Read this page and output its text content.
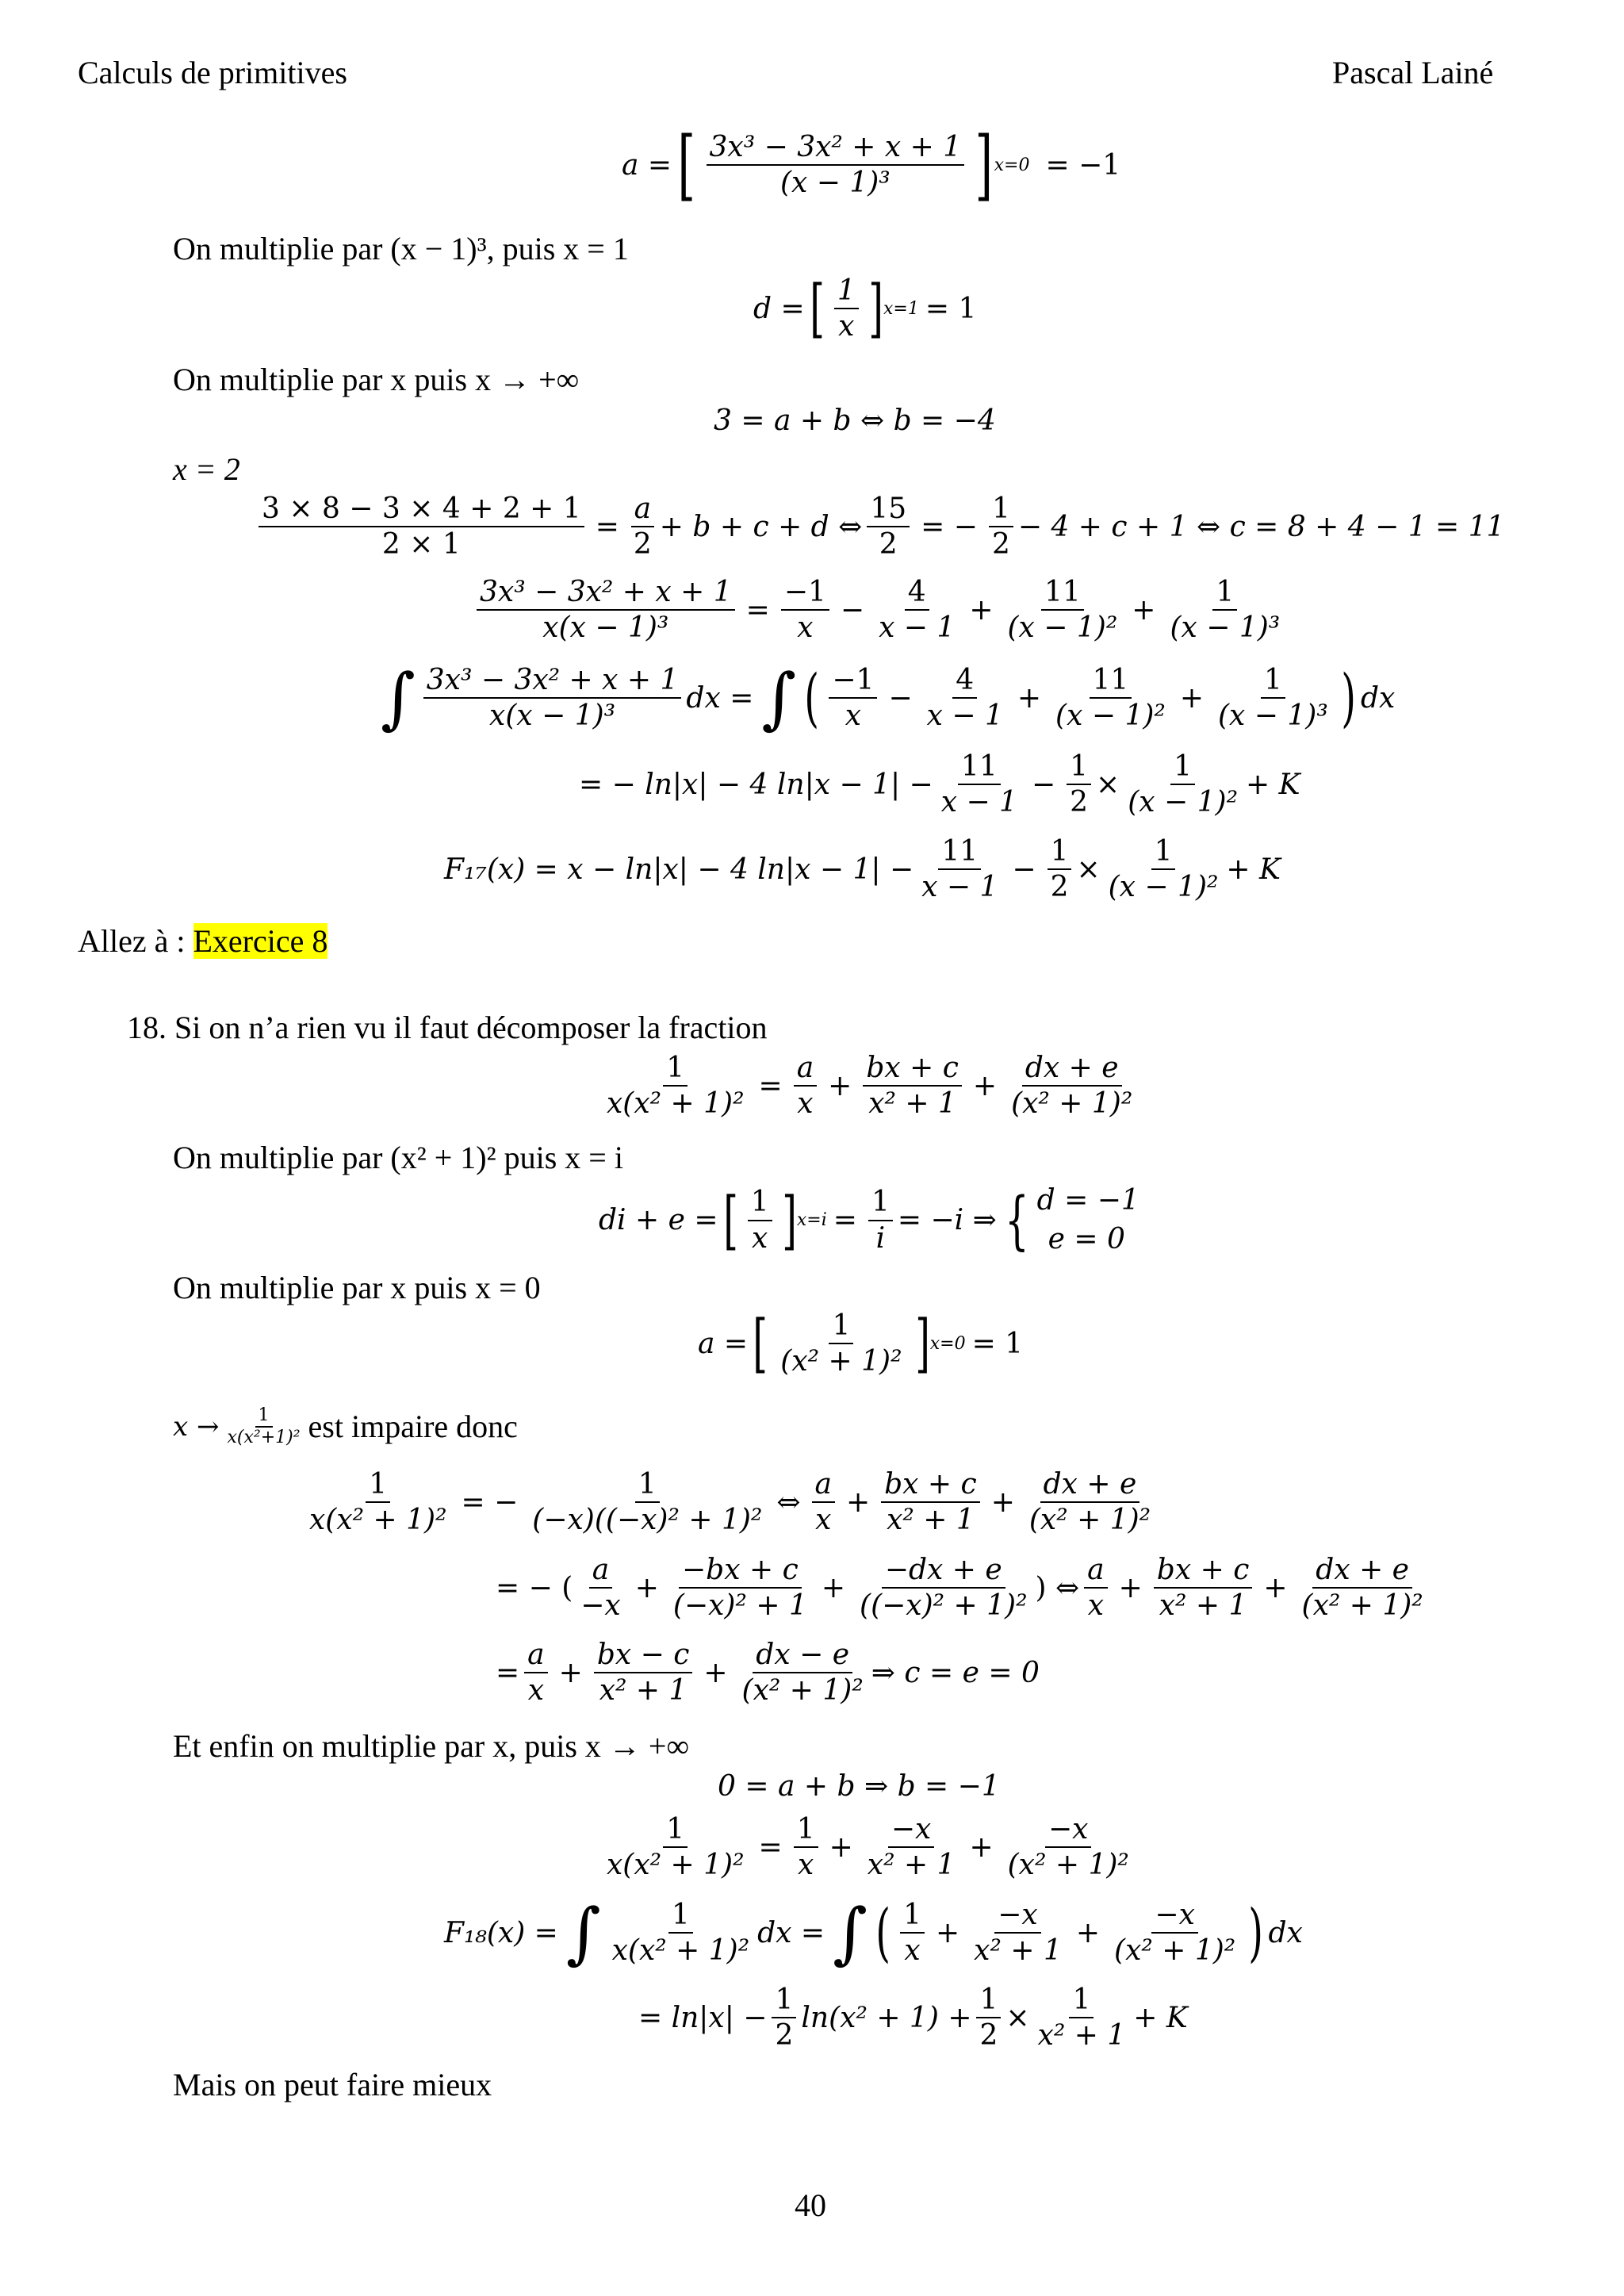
Calculs de primitives	Pascal Lainé
a = [ 3x³ − 3x² + x + 1
(x − 1)³ ] x=0 = −1
On multiplie par (x − 1)³, puis x = 1
d = [ 1
x ] x=1 = 1
On multiplie par x puis x → +∞
3 = a + b ⇔ b = −4
x = 2
$\frac{3 \times 8 - 3 \times 4 + 2 + 1}{2 \times 1} = \frac{a}{2} + b + c + d$ ⇔ $\frac{15}{2}$ = − $\frac{1}{2} - 4 + c + 1$ ⇔ c = 8 + 4 − 1 = 11
$\frac{\text{3x³ − 3x² + x + 1}}{\text{x(x − 1)³}} = \frac{-1}{x} - \frac{4}{x - 1} + \frac{11}{\text{(x − 1)²}} + \frac{1}{\text{(x − 1)³}}$
∫ 3x³ − 3x² + x + 1
x(x − 1)³
dx = ∫ ( −1
x
− $\frac{4}{x - 1} + \frac{11}{\text{(x − 1)²}} + \frac{1}{\text{(x − 1)³}}$ ) dx
= − ln|x| − 4 $\ln|x - 1| - \frac{11}{x - 1} - \frac{1}{2} \times \frac{1}{\text{(x − 1)²}} + K$
F₁₇(x) = x − ln|x| − 4 $\ln|x - 1| - \frac{11}{x - 1} - \frac{1}{2} \times \frac{1}{\text{(x − 1)²}} + K$
Allez à : Exercice 8
18. Si on n’a rien vu il faut décomposer la fraction
$\frac{1}{\text{x(x² + 1)²}} = \frac{a}{x} + \frac{bx + c}{\text{x² + 1}} + \frac{dx + e}{\text{(x² + 1)²}}$
On multiplie par (x² + 1)² puis x = i
di + e = [ 1
x ] $x=i = \frac{1}{i} = -i$ ⇒ { d = −1
e = 0
On multiplie par x puis x = 0
a = [ 1
(x² + 1)² ] x=0 = 1
x → 1
x(x²+1)² est impaire donc
$\frac{1}{\text{x(x² + 1)²}}$ = − $\frac{1}{\text{(−x)((−x)² + 1)²}}$ ⇔
a
x
+ $\frac{bx + c}{\text{x² + 1}} + \frac{dx + e}{\text{(x² + 1)²}}$
= − (
a
−x
+ $\frac{-bx + c}{\text{(−x)² + 1}} + \frac{-dx + e}{\text{((−x)² + 1)²}}$ ) ⇔
a
x
+ $\frac{bx + c}{\text{x² + 1}} + \frac{dx + e}{\text{(x² + 1)²}}$
= $\frac{a}{x} + \frac{bx - c}{\text{x² + 1}} + \frac{dx - e}{\text{(x² + 1)²}}$ ⇒ c = e = 0
Et enfin on multiplie par x, puis x → +∞
0 = a + b ⇒ b = −1
$\frac{1}{\text{x(x² + 1)²}} = \frac{1}{x} + \frac{-x}{\text{x² + 1}} + \frac{-x}{\text{(x² + 1)²}}$
F₁₈(x) = ∫ 1
x(x² + 1)²
dx = ∫ ( 1
x
+ $\frac{-x}{\text{x² + 1}} + \frac{-x}{\text{(x² + 1)²}}$ ) dx
= $\ln|x| - \frac{1}{2} \ln(x^2 + 1) + \frac{1}{2} \times \frac{1}{\text{x² + 1}} + K$
Mais on peut faire mieux
40
